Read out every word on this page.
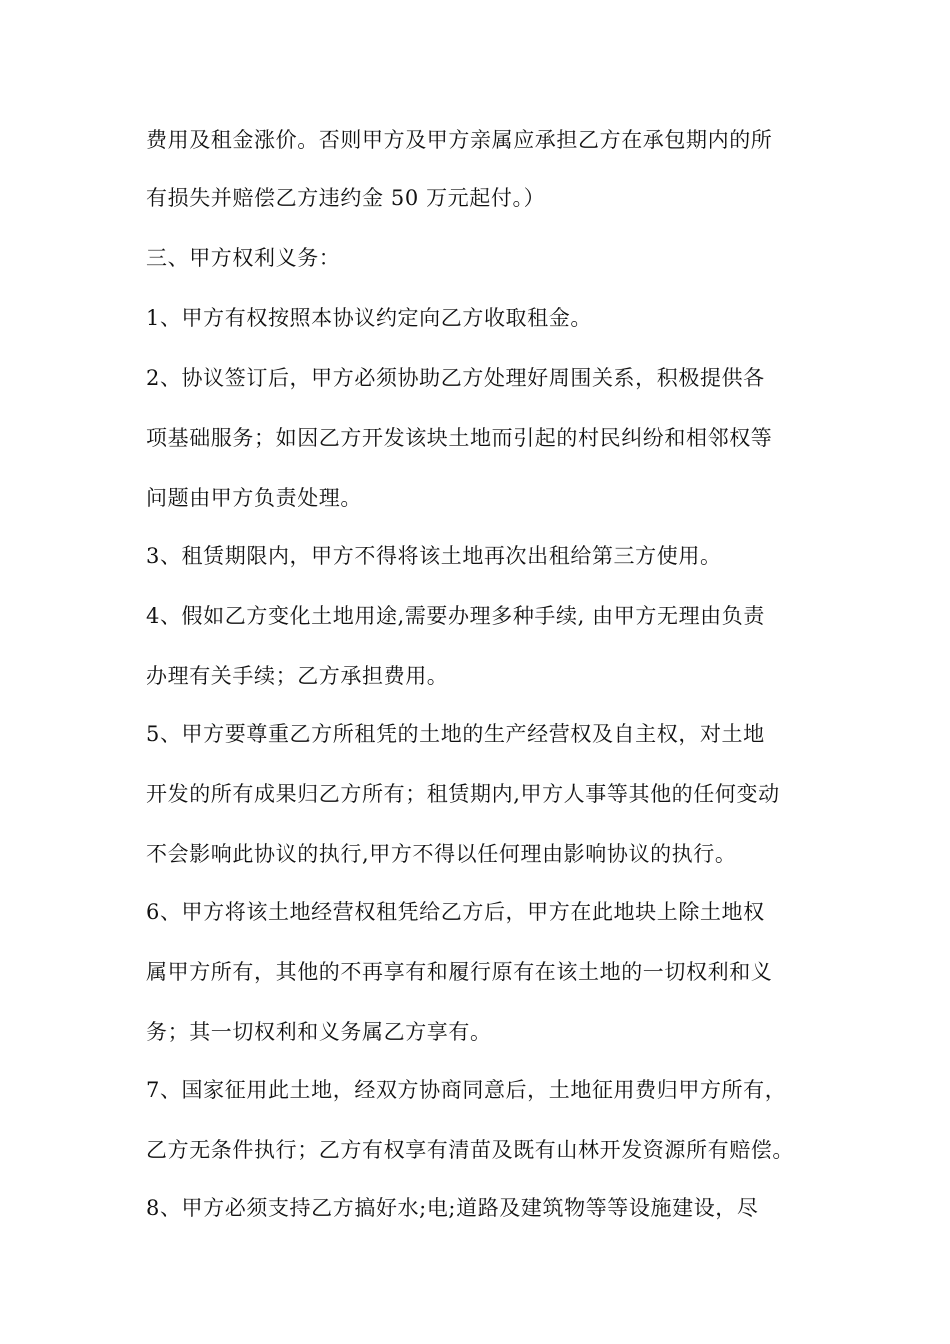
费用及租金涨价。否则甲方及甲方亲属应承担乙方在承包期内的所
有损失并赔偿乙方违约金 50 万元起付。）
三、甲方权利义务：
1、甲方有权按照本协议约定向乙方收取租金。
2、协议签订后，甲方必须协助乙方处理好周围关系，积极提供各
项基础服务；如因乙方开发该块土地而引起的村民纠纷和相邻权等
问题由甲方负责处理。
3、租赁期限内，甲方不得将该土地再次出租给第三方使用。
4、假如乙方变化土地用途,需要办理多种手续, 由甲方无理由负责
办理有关手续；乙方承担费用。
5、甲方要尊重乙方所租凭的土地的生产经营权及自主权，对土地
开发的所有成果归乙方所有；租赁期内,甲方人事等其他的任何变动
不会影响此协议的执行,甲方不得以任何理由影响协议的执行。
6、甲方将该土地经营权租凭给乙方后，甲方在此地块上除土地权
属甲方所有，其他的不再享有和履行原有在该土地的一切权利和义
务；其一切权利和义务属乙方享有。
7、国家征用此土地，经双方协商同意后，土地征用费归甲方所有，
乙方无条件执行；乙方有权享有清苗及既有山林开发资源所有赔偿。
8、甲方必须支持乙方搞好水;电;道路及建筑物等等设施建设，尽
